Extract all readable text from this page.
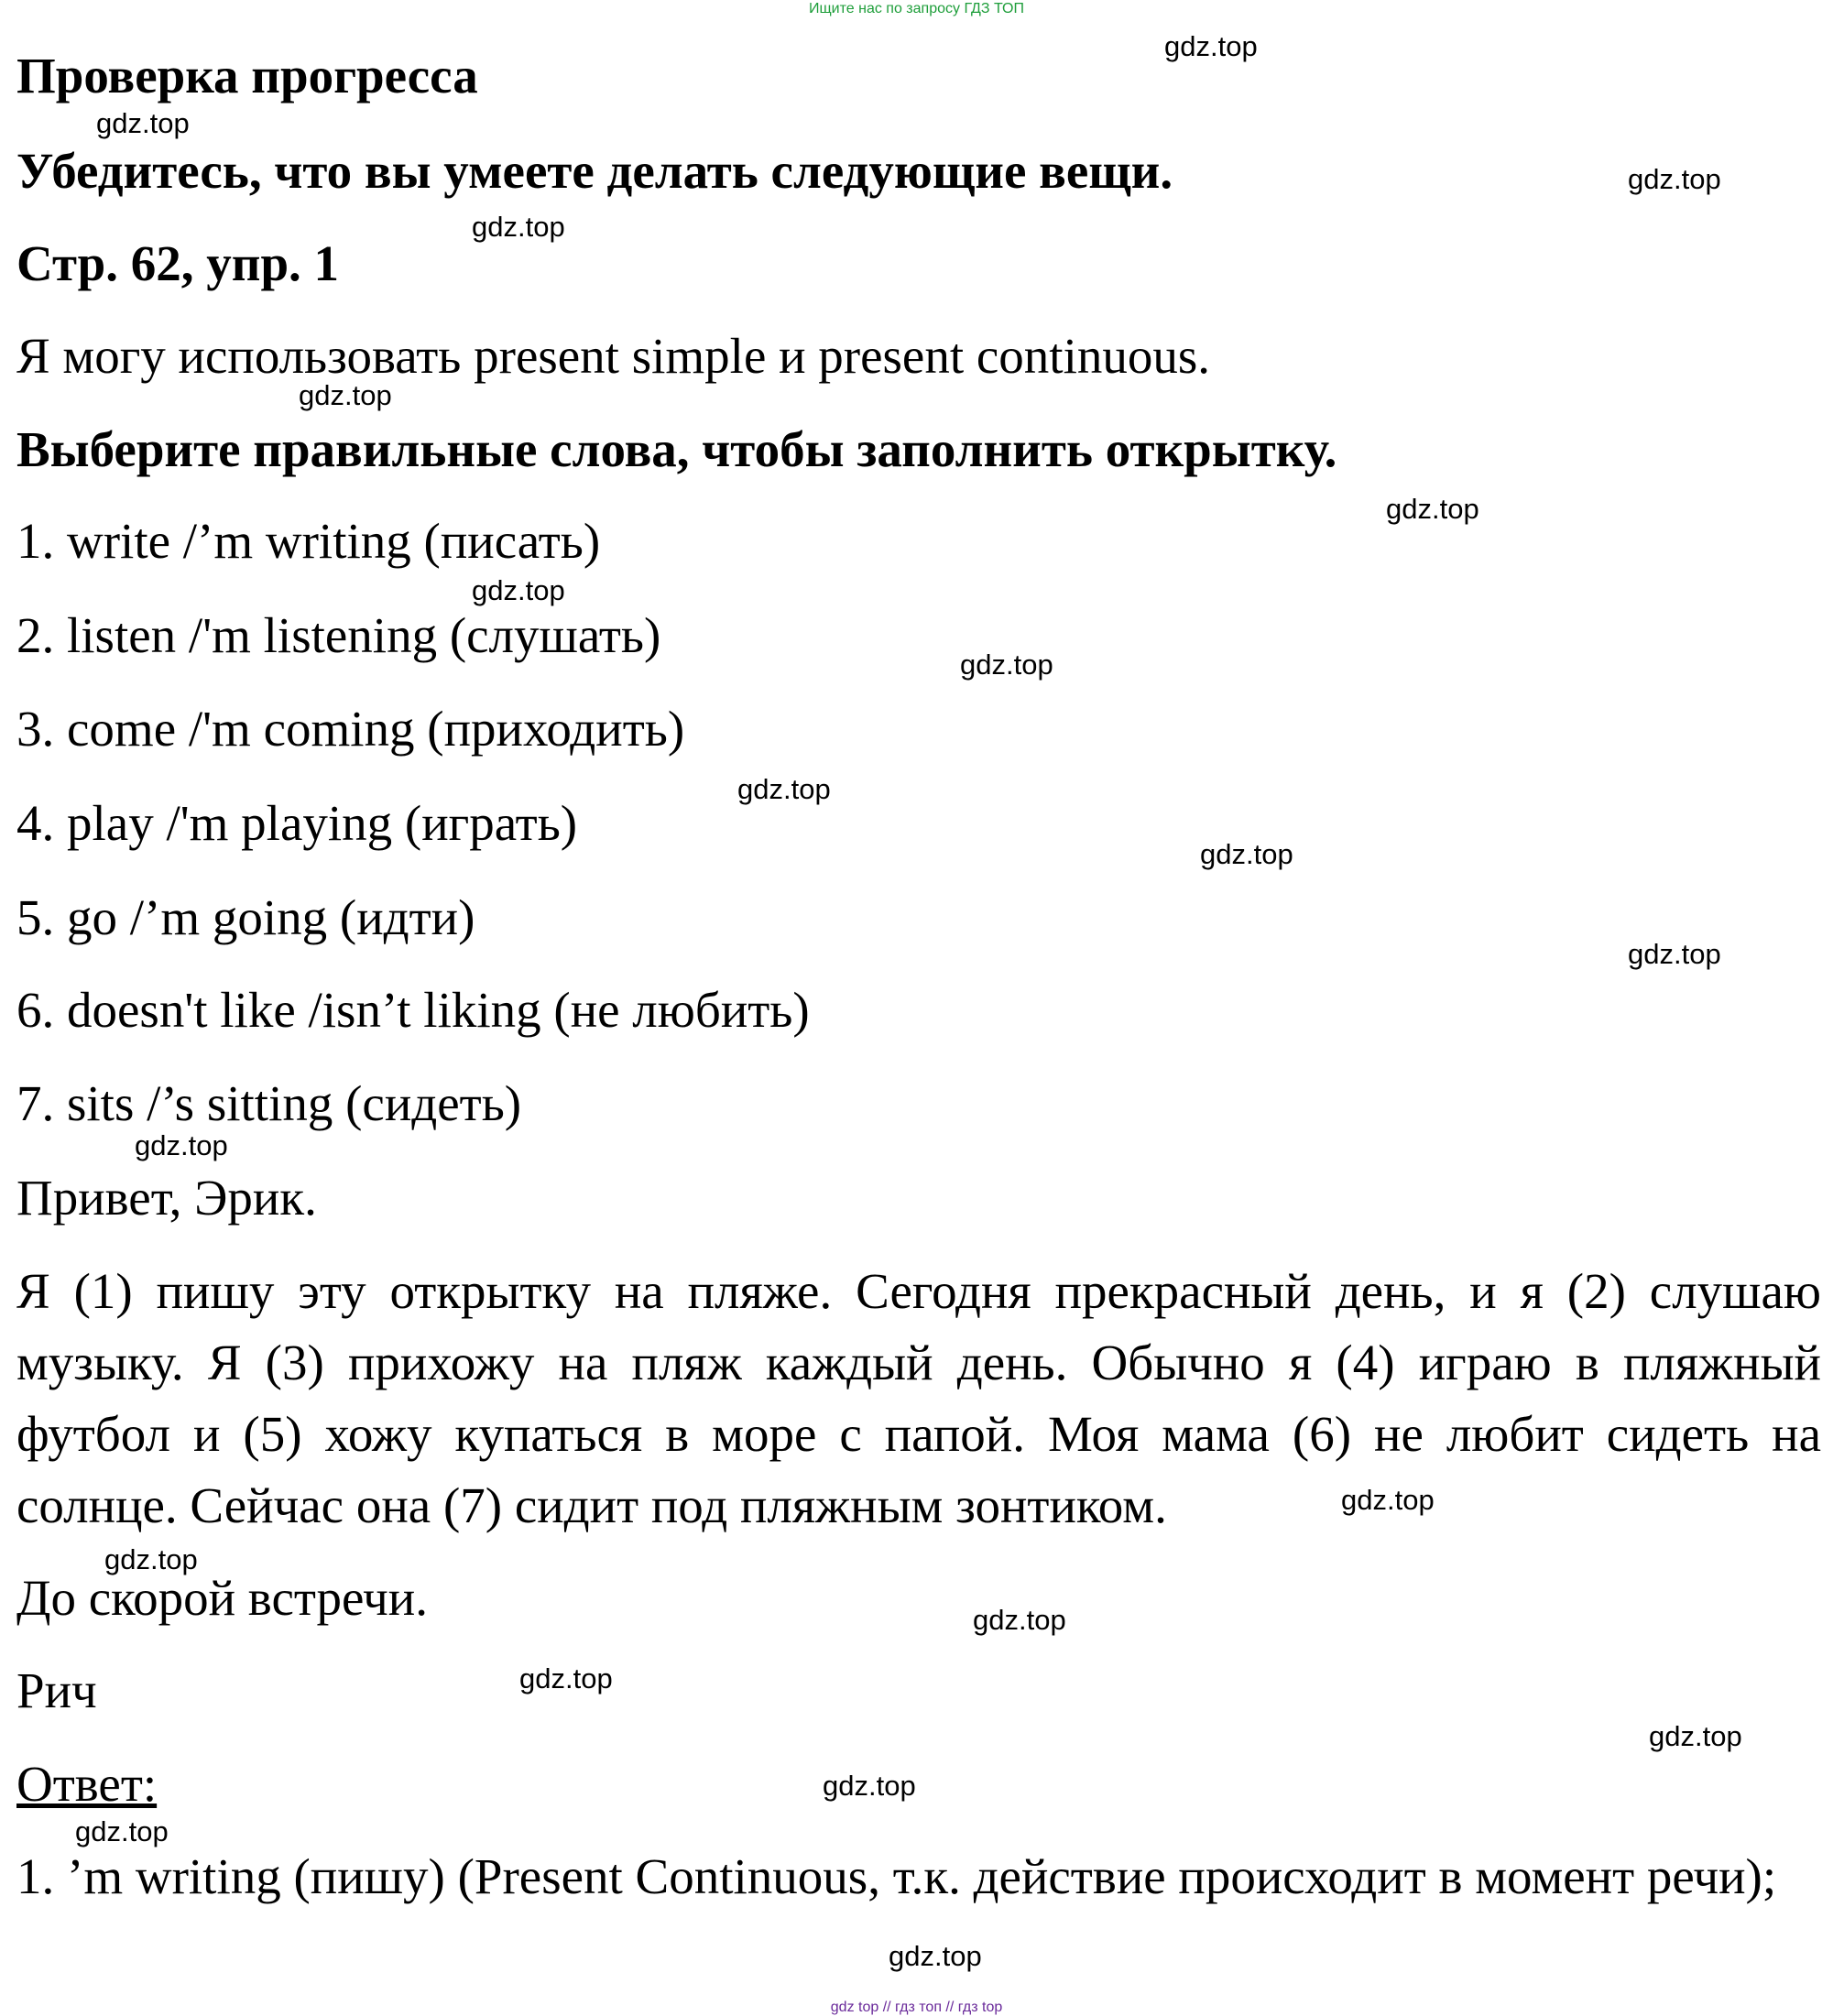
Ищите нас по запросу ГДЗ ТОП
Проверка прогресса
Убедитесь, что вы умеете делать следующие вещи.
Стр. 62, упр. 1
Я могу использовать present simple и present continuous.
Выберите правильные слова, чтобы заполнить открытку.
1. write /’m writing (писать)
2. listen /'m listening (слушать)
3. come /'m coming (приходить)
4. play /'m playing (играть)
5. go /’m going (идти)
6. doesn't like /isn’t liking (не любить)
7. sits /’s sitting (сидеть)
Привет, Эрик.
Я (1) пишу эту открытку на пляже. Сегодня прекрасный день, и я (2) слушаю музыку. Я (3) прихожу на пляж каждый день. Обычно я (4) играю в пляжный футбол и (5) хожу купаться в море с папой. Моя мама (6) не любит сидеть на солнце. Сейчас она (7) сидит под пляжным зонтиком.
До скорой встречи.
Рич
Ответ:
1. ’m writing (пишу) (Present Continuous, т.к. действие происходит в момент речи);
gdz.top
gdz.top
gdz.top
gdz.top
gdz.top
gdz.top
gdz.top
gdz.top
gdz.top
gdz.top
gdz.top
gdz.top
gdz.top
gdz.top
gdz.top
gdz.top
gdz.top
gdz.top
gdz.top
gdz.top
gdz top // гдз топ // гдз top
